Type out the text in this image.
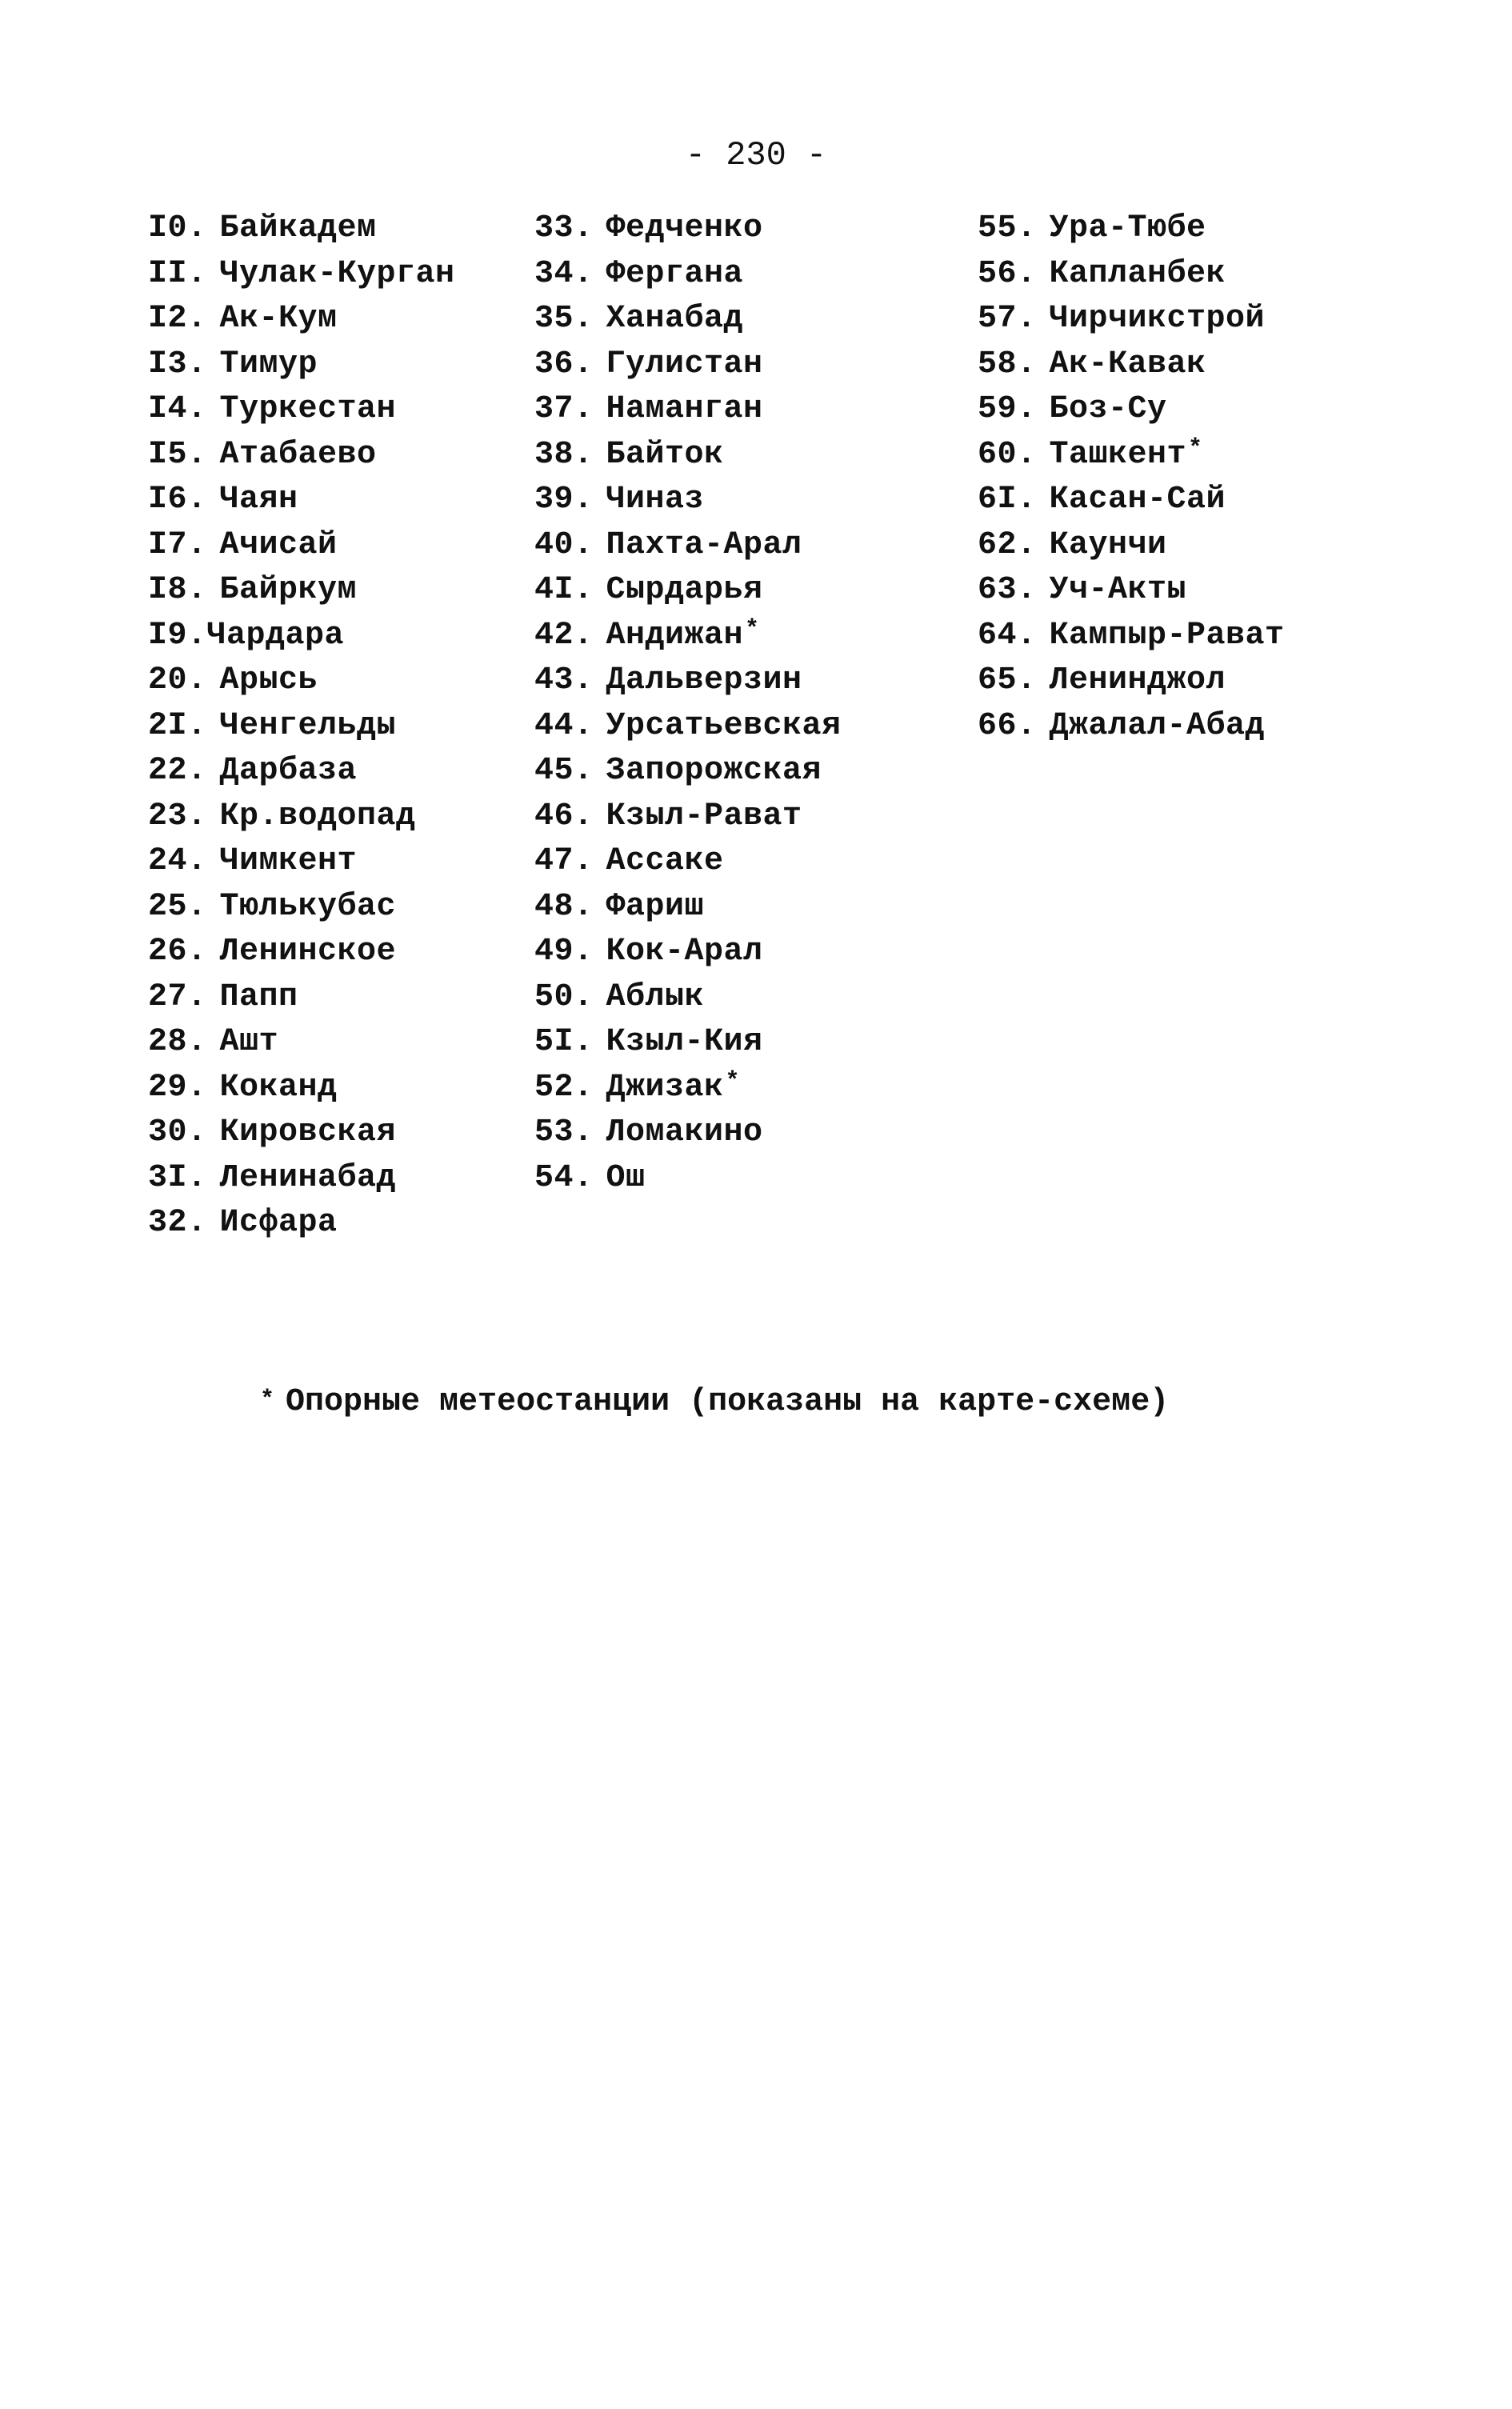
- 230 -
I0. Байкадем
II. Чулак-Курган
I2. Ак-Кум
I3. Тимур
I4. Туркестан
I5. Атабаево
I6. Чаян
I7. Ачисай
I8. Байркум
I9.Чардара
20. Арысь
2I. Ченгельды
22. Дарбаза
23. Кр.водопад
24. Чимкент
25. Тюлькубас
26. Ленинское
27. Папп
28. Ашт
29. Коканд
30. Кировская
3I. Ленинабад
32. Исфара
33. Федченко
34. Фергана
35. Ханабад
36. Гулистан
37. Наманган
38. Байток
39. Чиназ
40. Пахта-Арал
4I. Сырдарья
42. Андижан*
43. Дальверзин
44. Урсатьевская
45. Запорожская
46. Кзыл-Рават
47. Ассаке
48. Фариш
49. Кок-Арал
50. Аблык
5I. Кзыл-Кия
52. Джизак*
53. Ломакино
54. Ош
55. Ура-Тюбе
56. Капланбек
57. Чирчикстрой
58. Ак-Кавак
59. Боз-Су
60. Ташкент*
6I. Касан-Сай
62. Каунчи
63. Уч-Акты
64. Кампыр-Рават
65. Ленинджол
66. Джалал-Абад
* Опорные метеостанции (показаны на карте-схеме)
